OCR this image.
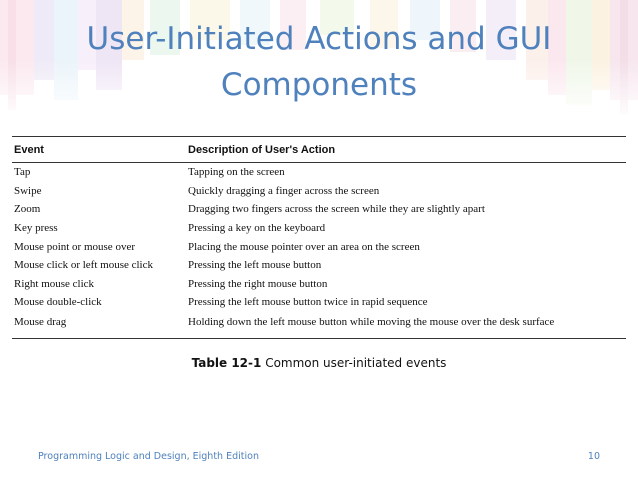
User-Initiated Actions and GUI
Components
Event	Description of User's Action
Tap	Tapping on the screen
Swipe	Quickly dragging a finger across the screen
Zoom	Dragging two fingers across the screen while they are slightly apart
Key press	Pressing a key on the keyboard
Mouse point or mouse over	Placing the mouse pointer over an area on the screen
Mouse click or left mouse click	Pressing the left mouse button
Right mouse click	Pressing the right mouse button
Mouse double-click	Pressing the left mouse button twice in rapid sequence
Mouse drag	Holding down the left mouse button while moving the mouse over the desk surface
Table 12-1 Common user-initiated events
Programming Logic and Design, Eighth Edition	10
